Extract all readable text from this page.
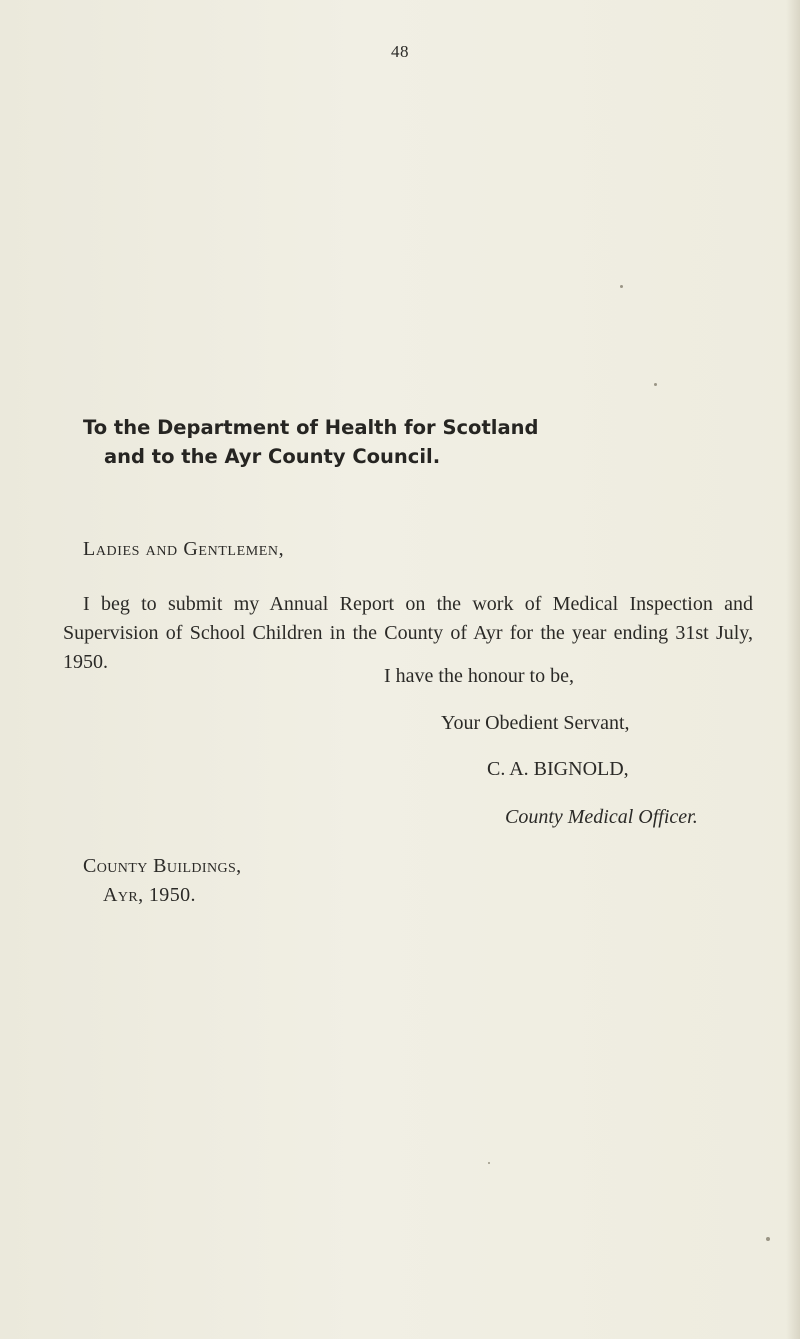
48
To the Department of Health for Scotland
and to the Ayr County Council.
Ladies and Gentlemen,

I beg to submit my Annual Report on the work of Medical Inspection and Supervision of School Children in the County of Ayr for the year ending 31st July, 1950.

I have the honour to be,
Your Obedient Servant,
C. A. BIGNOLD,
County Medical Officer.
County Buildings,
Ayr, 1950.
